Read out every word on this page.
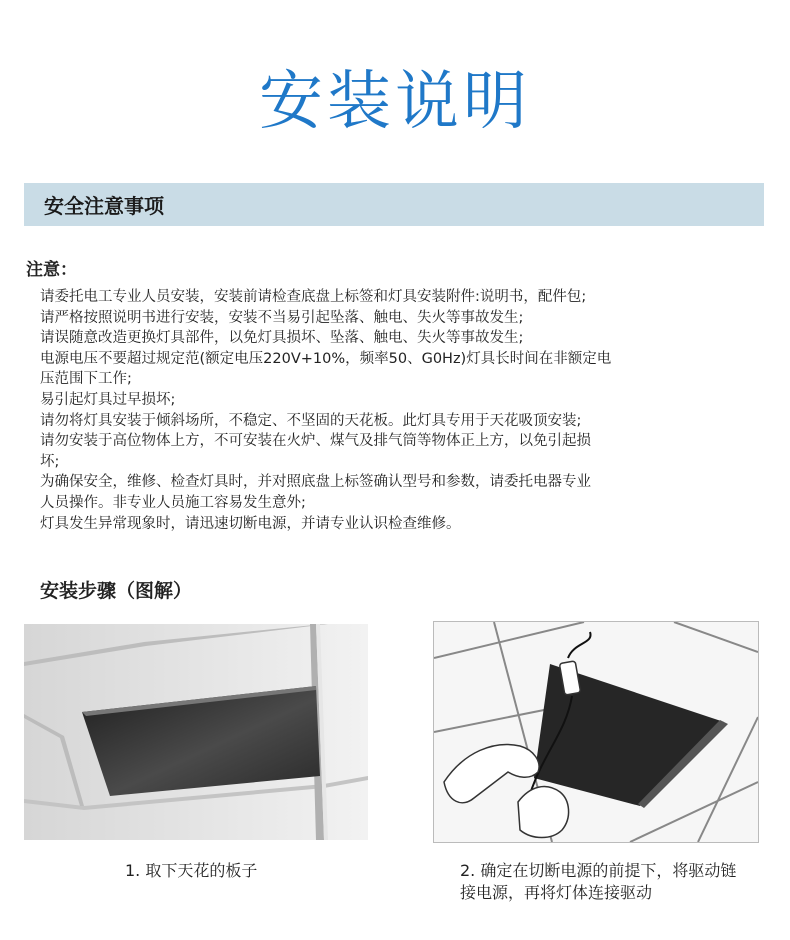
安装说明
安全注意事项
注意：
请委托电工专业人员安装，安装前请检查底盘上标签和灯具安装附件:说明书，配件包;
请严格按照说明书进行安装，安装不当易引起坠落、触电、失火等事故发生;
请误随意改造更换灯具部件，以免灯具损坏、坠落、触电、失火等事故发生;
电源电压不要超过规定范(额定电压220V+10%，频率50、G0Hz)灯具长时间在非额定电
压范围下工作;
易引起灯具过早损坏;
请勿将灯具安装于倾斜场所，不稳定、不坚固的天花板。此灯具专用于天花吸顶安装;
请勿安装于高位物体上方，不可安装在火炉、煤气及排气筒等物体正上方，以免引起损
坏;
为确保安全，维修、检查灯具时，并对照底盘上标签确认型号和参数，请委托电器专业
人员操作。非专业人员施工容易发生意外;
灯具发生异常现象时，请迅速切断电源，并请专业认识检查维修。
安装步骤（图解）
1. 取下天花的板子	2. 确定在切断电源的前提下，将驱动链接电源，再将灯体连接驱动
